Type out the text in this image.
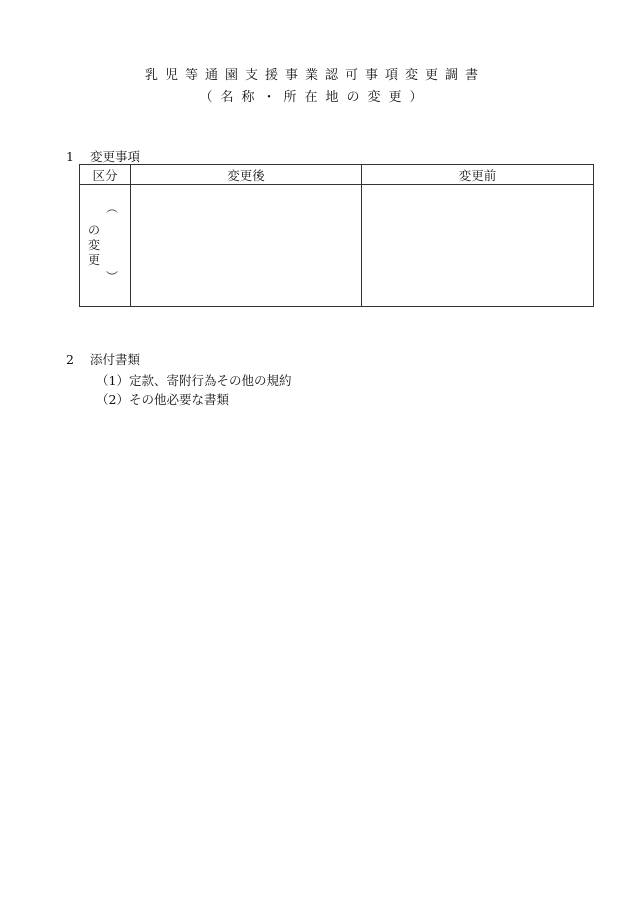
乳児等通園支援事業認可事項変更調書
（名称・所在地の変更）
1 変更事項
区分	変更後	変更前

︵
の
変
更
︶		

2 添付書類
（1）定款、寄附行為その他の規約
（2）その他必要な書類
